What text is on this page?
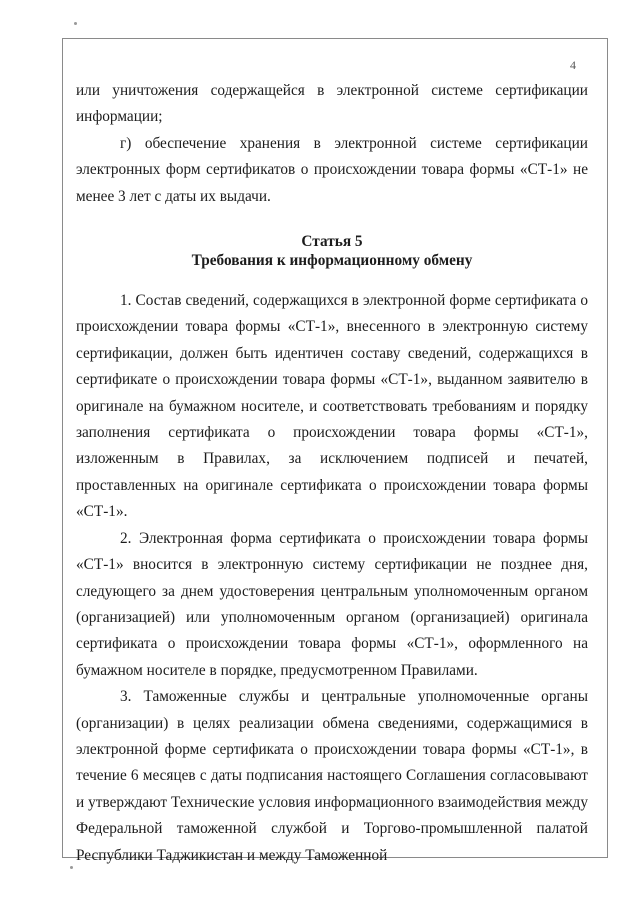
4

или уничтожения содержащейся в электронной системе сертификации информации;

г) обеспечение хранения в электронной системе сертификации электронных форм сертификатов о происхождении товара формы «СТ-1» не менее 3 лет с даты их выдачи.

Статья 5
Требования к информационному обмену

1. Состав сведений, содержащихся в электронной форме сертификата о происхождении товара формы «СТ-1», внесенного в электронную систему сертификации, должен быть идентичен составу сведений, содержащихся в сертификате о происхождении товара формы «СТ-1», выданном заявителю в оригинале на бумажном носителе, и соответствовать требованиям и порядку заполнения сертификата о происхождении товара формы «СТ-1», изложенным в Правилах, за исключением подписей и печатей, проставленных на оригинале сертификата о происхождении товара формы «СТ-1».

2. Электронная форма сертификата о происхождении товара формы «СТ-1» вносится в электронную систему сертификации не позднее дня, следующего за днем удостоверения центральным уполномоченным органом (организацией) или уполномоченным органом (организацией) оригинала сертификата о происхождении товара формы «СТ-1», оформленного на бумажном носителе в порядке, предусмотренном Правилами.

3. Таможенные службы и центральные уполномоченные органы (организации) в целях реализации обмена сведениями, содержащимися в электронной форме сертификата о происхождении товара формы «СТ-1», в течение 6 месяцев с даты подписания настоящего Соглашения согласовывают и утверждают Технические условия информационного взаимодействия между Федеральной таможенной службой и Торгово-промышленной палатой Республики Таджикистан и между Таможенной
